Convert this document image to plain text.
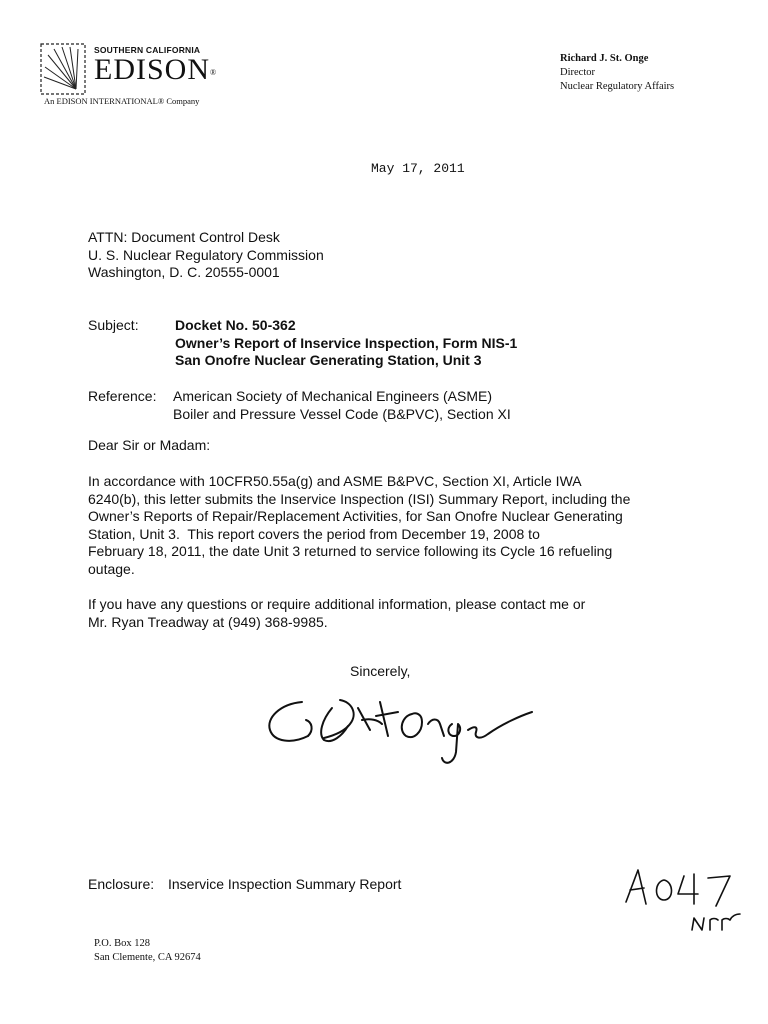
SOUTHERN CALIFORNIA
EDISON®
An EDISON INTERNATIONAL® Company
Richard J. St. Onge
Director
Nuclear Regulatory Affairs
May 17, 2011
ATTN: Document Control Desk
U. S. Nuclear Regulatory Commission
Washington, D. C. 20555-0001
Subject:	Docket No. 50-362
Owner’s Report of Inservice Inspection, Form NIS-1
San Onofre Nuclear Generating Station, Unit 3
Reference: American Society of Mechanical Engineers (ASME)
Boiler and Pressure Vessel Code (B&PVC), Section XI
Dear Sir or Madam:
In accordance with 10CFR50.55a(g) and ASME B&PVC, Section XI, Article IWA
6240(b), this letter submits the Inservice Inspection (ISI) Summary Report, including the
Owner’s Reports of Repair/Replacement Activities, for San Onofre Nuclear Generating
Station, Unit 3.  This report covers the period from December 19, 2008 to
February 18, 2011, the date Unit 3 returned to service following its Cycle 16 refueling
outage.
If you have any questions or require additional information, please contact me or
Mr. Ryan Treadway at (949) 368-9985.
Sincerely,
Enclosure: Inservice Inspection Summary Report
P.O. Box 128
San Clemente, CA 92674
